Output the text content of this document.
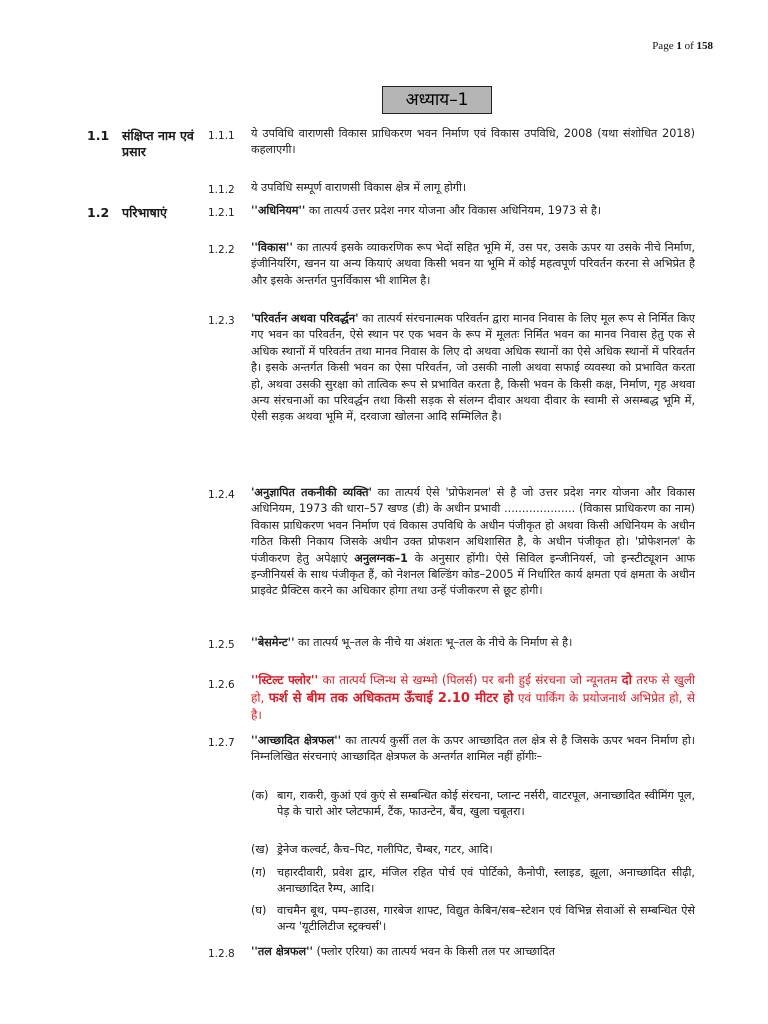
Page 1 of 158
अध्याय–1
1.1 संक्षिप्त नाम एवं प्रसार
1.1.1 ये उपविधि वाराणसी विकास प्राधिकरण भवन निर्माण एवं विकास उपविधि, 2008 (यथा संशोधित 2018) कहलाएगी।
1.1.2 ये उपविधि सम्पूर्ण वाराणसी विकास क्षेत्र में लागू होगी।
1.2 परिभाषाएं	1.2.1 ''अधिनियम'' का तात्पर्य उत्तर प्रदेश नगर योजना और विकास अधिनियम, 1973 से है।
1.2.2 ''विकास'' का तात्पर्य इसके व्याकरणिक रूप भेदों सहित भूमि में, उस पर, उसके ऊपर या उसके नीचे निर्माण, इंजीनियरिंग, खनन या अन्य कियाएं अथवा किसी भवन या भूमि में कोई महत्वपूर्ण परिवर्तन करना से अभिप्रेत है और इसके अन्तर्गत पुनर्विकास भी शामिल है।
1.2.3 'परिवर्तन अथवा परिवर्द्धन' का तात्पर्य संरचनात्मक परिवर्तन द्वारा मानव निवास के लिए मूल रूप से निर्मित किए गए भवन का परिवर्तन, ऐसे स्थान पर एक भवन के रूप में मूलतः निर्मित भवन का मानव निवास हेतु एक से अधिक स्थानों में परिवर्तन तथा मानव निवास के लिए दो अथवा अधिक स्थानों का ऐसे अधिक स्थानों में परिवर्तन है। इसके अन्तर्गत किसी भवन का ऐसा परिवर्तन, जो उसकी नाली अथवा सफाई व्यवस्था को प्रभावित करता हो, अथवा उसकी सुरक्षा को तात्विक रूप से प्रभावित करता है, किसी भवन के किसी कक्ष, निर्माण, गृह अथवा अन्य संरचनाओं का परिवर्द्धन तथा किसी सड़क से संलग्न दीवार अथवा दीवार के स्वामी से असम्बद्ध भूमि में, ऐसी सड़क अथवा भूमि में, दरवाजा खोलना आदि सम्मिलित है।
1.2.4 'अनुज्ञापित तकनीकी व्यक्ति' का तात्पर्य ऐसे 'प्रोफेशनल' से है जो उत्तर प्रदेश नगर योजना और विकास अधिनियम, 1973 की धारा–57 खण्ड (डी) के अधीन प्रभावी .................... (विकास प्राधिकरण का नाम) विकास प्राधिकरण भवन निर्माण एवं विकास उपविधि के अधीन पंजीकृत हो अथवा किसी अधिनियम के अधीन गठित किसी निकाय जिसके अधीन उक्त प्रोफशन अधिशासित है, के अधीन पंजीकृत हो। 'प्रोफेशनल' के पंजीकरण हेतु अपेक्षाएं अनुलग्नक–1 के अनुसार होंगी। ऐसे सिविल इन्जीनियर्स, जो इन्स्टीट्यूशन आफ इन्जीनियर्स के साथ पंजीकृत हैं, को नेशनल बिल्डिंग कोड–2005 में निर्धारित कार्य क्षमता एवं क्षमता के अधीन प्राइवेट प्रैक्टिस करने का अधिकार होगा तथा उन्हें पंजीकरण से छूट होगी।
1.2.5 ''बेसमेन्ट'' का तात्पर्य भू–तल के नीचे या अंशतः भू–तल के नीचे के निर्माण से है।
1.2.6 ''स्टिल्ट फ्लोर'' का तात्पर्य प्लिन्थ से खम्भो (पिलर्स) पर बनी हुई संरचना जो न्यूनतम दो तरफ से खुली हो, फर्श से बीम तक अधिकतम ऊँचाई 2.10 मीटर हो एवं पार्किंग के प्रयोजनार्थ अभिप्रेत हो, से है।
1.2.7 ''आच्छादित क्षेत्रफल'' का तात्पर्य कुर्सी तल के ऊपर आच्छादित तल क्षेत्र से है जिसके ऊपर भवन निर्माण हो। निम्नलिखित संरचनाएं आच्छादित क्षेत्रफल के अन्तर्गत शामिल नहीं होंगीः–
(क) बाग, राकरी, कुआं एवं कुएं से सम्बन्धित कोई संरचना, प्लान्ट नर्सरी, वाटरपूल, अनाच्छादित स्वीमिंग पूल, पेड़ के चारो ओर प्लेटफार्म, टैंक, फाउन्टेन, बैंच, खुला चबूतरा।
(ख) ड्रेनेज कल्वर्ट, कैच–पिट, गलीपिट, चैम्बर, गटर, आदि।
(ग) चहारदीवारी, प्रवेश द्वार, मंजिल रहित पोर्च एवं पोर्टिको, कैनोपी, स्लाइड, झूला, अनाच्छादित सीढ़ी, अनाच्छादित रैम्प, आदि।
(घ) वाचमैन बूथ, पम्प–हाउस, गारबेज शाफ्ट, विद्युत केबिन/सब–स्टेशन एवं विभिन्न सेवाओं से सम्बन्धित ऐसे अन्य 'यूटीलिटीज स्ट्रक्चर्स'।
1.2.8 ''तल क्षेत्रफल'' (फ्लोर एरिया) का तात्पर्य भवन के किसी तल पर आच्छादित
